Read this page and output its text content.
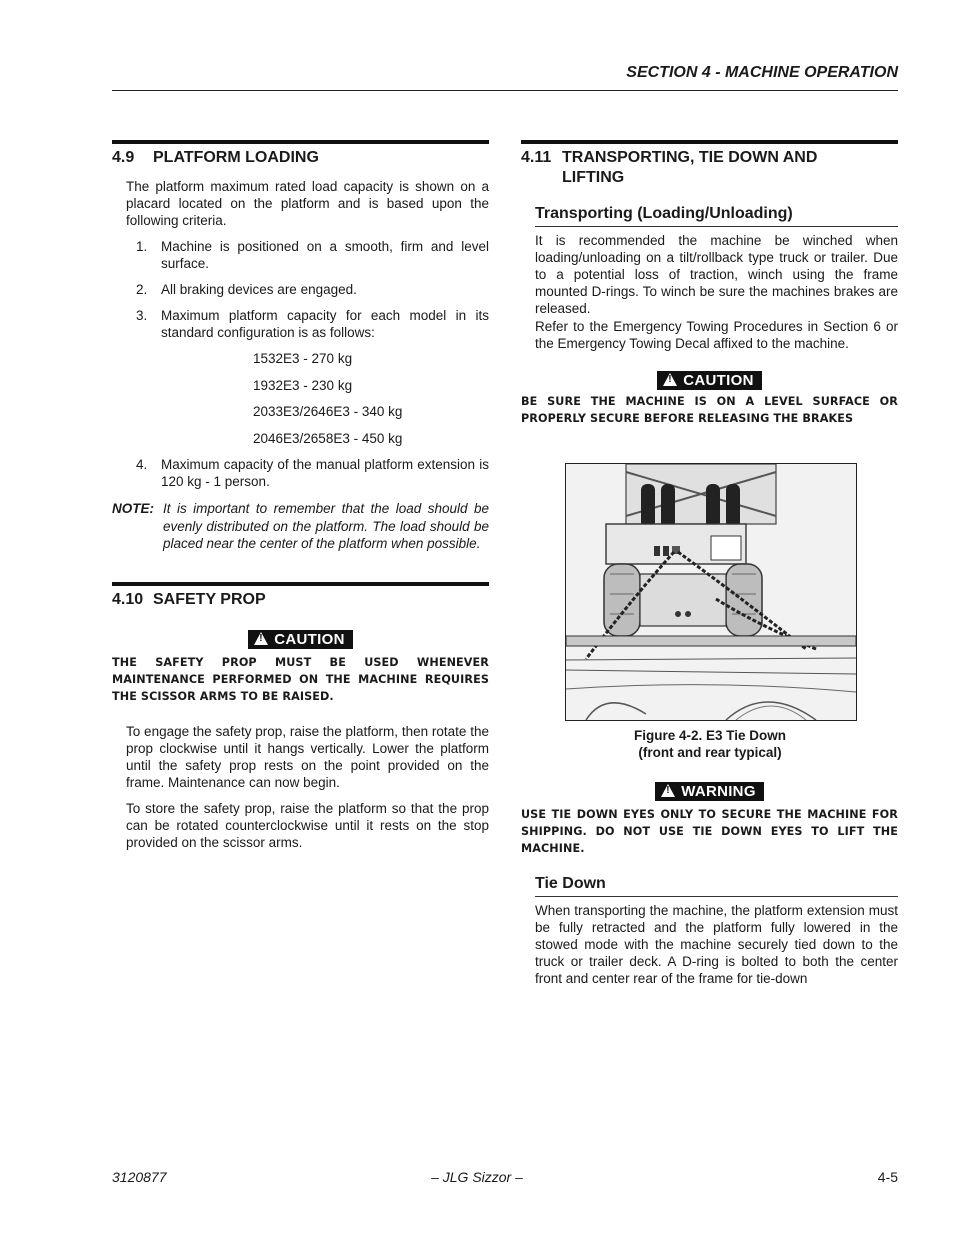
SECTION 4 - MACHINE OPERATION
4.9 PLATFORM LOADING

The platform maximum rated load capacity is shown on a placard located on the platform and is based upon the following criteria.

1.	Machine is positioned on a smooth, firm and level surface.
2.	All braking devices are engaged.
3.	Maximum platform capacity for each model in its standard configuration is as follows:
1532E3 - 270 kg
1932E3 - 230 kg
2033E3/2646E3 - 340 kg
2046E3/2658E3 - 450 kg
4.	Maximum capacity of the manual platform extension is 120 kg - 1 person.
NOTE: It is important to remember that the load should be evenly distributed on the platform. The load should be placed near the center of the platform when possible.
4.10 SAFETY PROP
!CAUTION

THE SAFETY PROP MUST BE USED WHENEVER MAINTENANCE PERFORMED ON THE MACHINE REQUIRES THE SCISSOR ARMS TO BE RAISED.

To engage the safety prop, raise the platform, then rotate the prop clockwise until it hangs vertically. Lower the platform until the safety prop rests on the point provided on the frame. Maintenance can now begin.

To store the safety prop, raise the platform so that the prop can be rotated counterclockwise until it rests on the stop provided on the scissor arms.

4.11 TRANSPORTING, TIE DOWN AND
LIFTING
Transporting (Loading/Unloading)

It is recommended the machine be winched when loading/unloading on a tilt/rollback type truck or trailer. Due to a potential loss of traction, winch using the frame mounted D-rings. To winch be sure the machines brakes are released.

Refer to the Emergency Towing Procedures in Section 6 or the Emergency Towing Decal affixed to the machine.

!CAUTION

BE SURE THE MACHINE IS ON A LEVEL SURFACE OR PROPERLY SECURE BEFORE RELEASING THE BRAKES

Figure 4-2. E3 Tie Down
(front and rear typical)
!WARNING

USE TIE DOWN EYES ONLY TO SECURE THE MACHINE FOR SHIPPING. DO NOT USE TIE DOWN EYES TO LIFT THE MACHINE.

Tie Down

When transporting the machine, the platform extension must be fully retracted and the platform fully lowered in the stowed mode with the machine securely tied down to the truck or trailer deck. A D-ring is bolted to both the center front and center rear of the frame for tie-down

3120877	– JLG Sizzor –	4-5
